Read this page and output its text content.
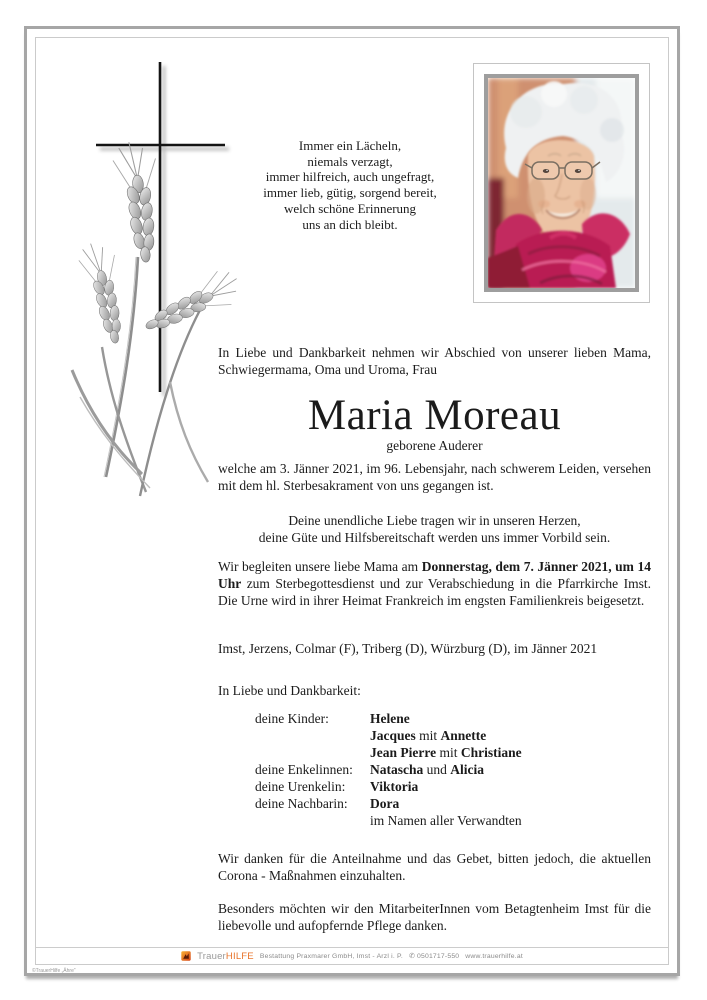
Immer ein Lächeln,
niemals verzagt,
immer hilfreich, auch ungefragt,
immer lieb, gütig, sorgend bereit,
welch schöne Erinnerung
uns an dich bleibt.
In Liebe und Dankbarkeit nehmen wir Abschied von unserer lieben Mama, Schwiegermama, Oma und Uroma, Frau
Maria Moreau
geborene Auderer
welche am 3. Jänner 2021, im 96. Lebensjahr, nach schwerem Leiden, versehen mit dem hl. Sterbesakrament von uns gegangen ist.
Deine unendliche Liebe tragen wir in unseren Herzen,
deine Güte und Hilfsbereitschaft werden uns immer Vorbild sein.
Wir begleiten unsere liebe Mama am Donnerstag, dem 7. Jänner 2021, um 14 Uhr zum Sterbegottesdienst und zur Verabschiedung in die Pfarrkirche Imst. Die Urne wird in ihrer Heimat Frankreich im engsten Familienkreis beigesetzt.
Imst, Jerzens, Colmar (F), Triberg (D), Würzburg (D), im Jänner 2021
In Liebe und Dankbarkeit:
deine Kinder:	Helene
Jacques mit Annette
Jean Pierre mit Christiane
deine Enkelinnen:	Natascha und Alicia
deine Urenkelin:	Viktoria
deine Nachbarin:	Dora
im Namen aller Verwandten
Wir danken für die Anteilnahme und das Gebet, bitten jedoch, die aktuellen Corona - Maßnahmen einzuhalten.
Besonders möchten wir den MitarbeiterInnen vom Betagtenheim Imst für die liebevolle und aufopfernde Pflege danken.
TrauerHILFE Bestattung Praxmarer GmbH, Imst - Arzl i. P. ✆ 0501717-550 www.trauerhilfe.at
©TrauerHilfe „Ähre“
